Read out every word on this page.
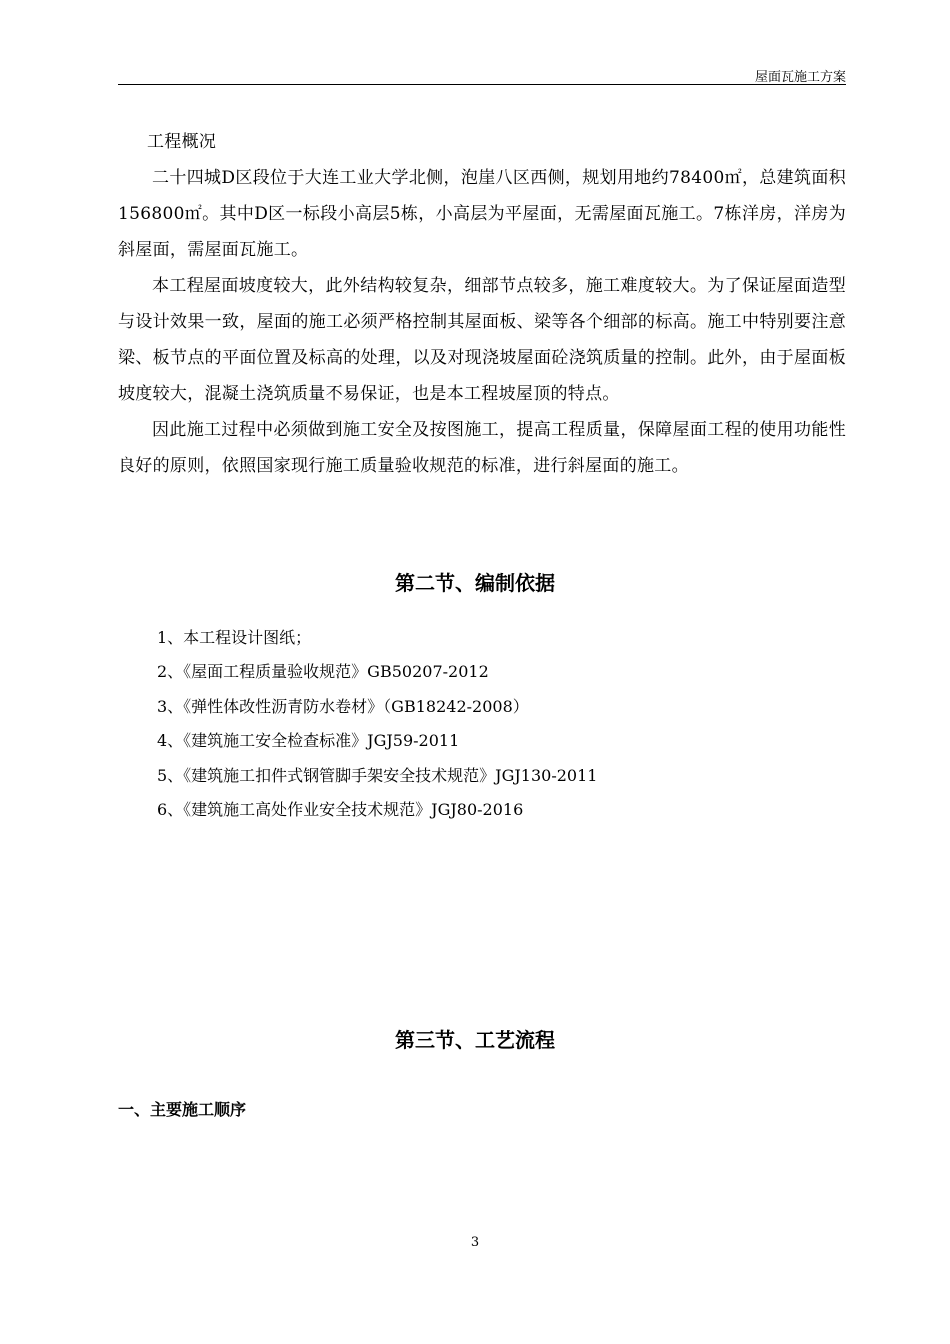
屋面瓦施工方案

工程概况

二十四城D区段位于大连工业大学北侧，泡崖八区西侧，规划用地约78400㎡，总建筑面积156800㎡。其中D区一标段小高层5栋，小高层为平屋面，无需屋面瓦施工。7栋洋房，洋房为斜屋面，需屋面瓦施工。

本工程屋面坡度较大，此外结构较复杂，细部节点较多，施工难度较大。为了保证屋面造型与设计效果一致，屋面的施工必须严格控制其屋面板、梁等各个细部的标高。施工中特别要注意梁、板节点的平面位置及标高的处理，以及对现浇坡屋面砼浇筑质量的控制。此外，由于屋面板坡度较大，混凝土浇筑质量不易保证，也是本工程坡屋顶的特点。

因此施工过程中必须做到施工安全及按图施工，提高工程质量，保障屋面工程的使用功能性良好的原则，依照国家现行施工质量验收规范的标准，进行斜屋面的施工。

第二节、编制依据
1、本工程设计图纸；
2、《屋面工程质量验收规范》GB50207-2012
3、《弹性体改性沥青防水卷材》（GB18242-2008）
4、《建筑施工安全检查标准》JGJ59-2011
5、《建筑施工扣件式钢管脚手架安全技术规范》JGJ130-2011
6、《建筑施工高处作业安全技术规范》JGJ80-2016
第三节、工艺流程
一、主要施工顺序
3
